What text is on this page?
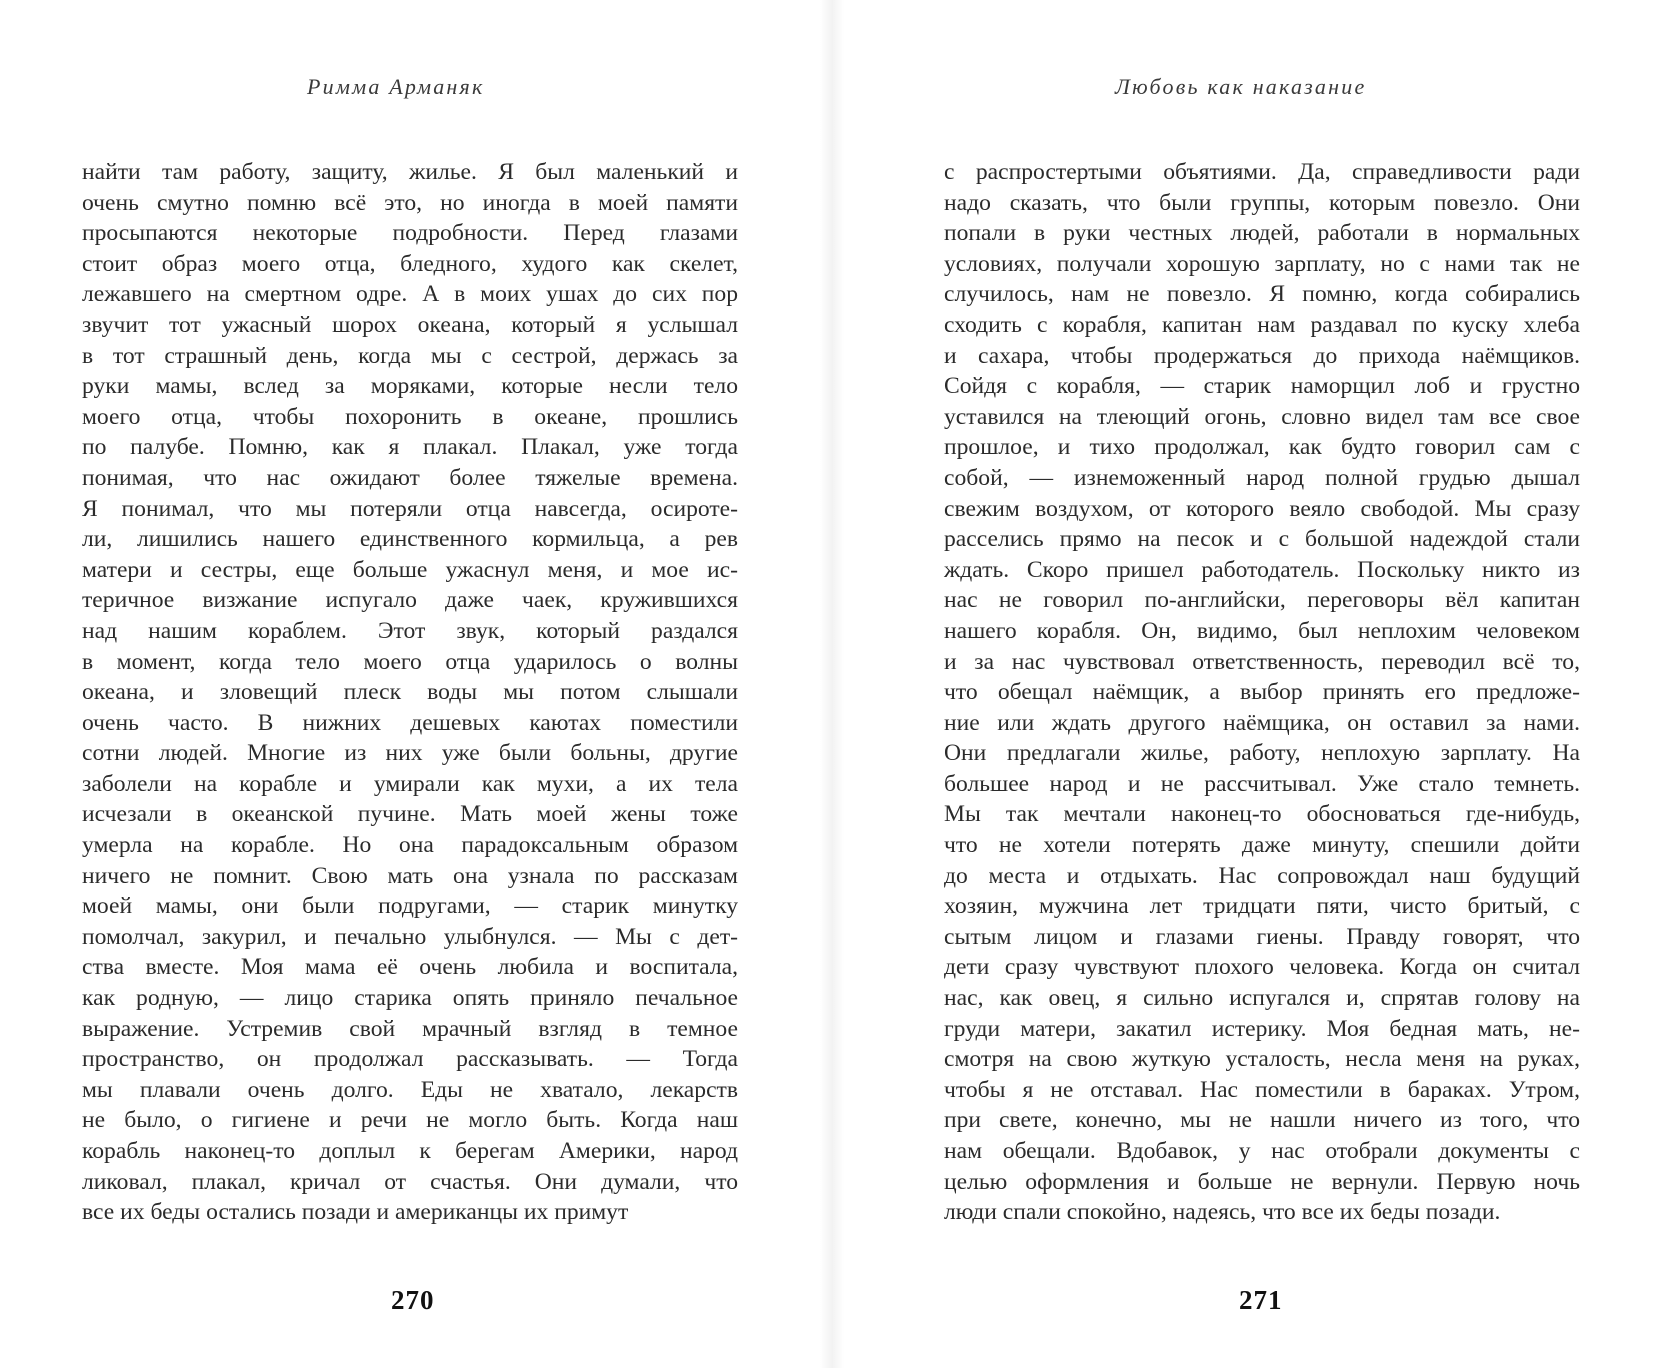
Римма Арманяк
найти там работу, защиту, жилье. Я был маленький и
очень смутно помню всё это, но иногда в моей памяти
просыпаются некоторые подробности. Перед глазами
стоит образ моего отца, бледного, худого как скелет,
лежавшего на смертном одре. А в моих ушах до сих пор
звучит тот ужасный шорох океана, который я услышал
в тот страшный день, когда мы с сестрой, держась за
руки мамы, вслед за моряками, которые несли тело
моего отца, чтобы похоронить в океане, прошлись
по палубе. Помню, как я плакал. Плакал, уже тогда
понимая, что нас ожидают более тяжелые времена.
Я понимал, что мы потеряли отца навсегда, осироте-
ли, лишились нашего единственного кормильца, а рев
матери и сестры, еще больше ужаснул меня, и мое ис-
теричное визжание испугало даже чаек, кружившихся
над нашим кораблем. Этот звук, который раздался
в момент, когда тело моего отца ударилось о волны
океана, и зловещий плеск воды мы потом слышали
очень часто. В нижних дешевых каютах поместили
сотни людей. Многие из них уже были больны, другие
заболели на корабле и умирали как мухи, а их тела
исчезали в океанской пучине. Мать моей жены тоже
умерла на корабле. Но она парадоксальным образом
ничего не помнит. Свою мать она узнала по рассказам
моей мамы, они были подругами, — старик минутку
помолчал, закурил, и печально улыбнулся. — Мы с дет-
ства вместе. Моя мама её очень любила и воспитала,
как родную, — лицо старика опять приняло печальное
выражение. Устремив свой мрачный взгляд в темное
пространство, он продолжал рассказывать. — Тогда
мы плавали очень долго. Еды не хватало, лекарств
не было, о гигиене и речи не могло быть. Когда наш
корабль наконец-то доплыл к берегам Америки, народ
ликовал, плакал, кричал от счастья. Они думали, что
все их беды остались позади и американцы их примут
270
Любовь как наказание
с распростертыми объятиями. Да, справедливости ради
надо сказать, что были группы, которым повезло. Они
попали в руки честных людей, работали в нормальных
условиях, получали хорошую зарплату, но с нами так не
случилось, нам не повезло. Я помню, когда собирались
сходить с корабля, капитан нам раздавал по куску хлеба
и сахара, чтобы продержаться до прихода наёмщиков.
Сойдя с корабля, — старик наморщил лоб и грустно
уставился на тлеющий огонь, словно видел там все свое
прошлое, и тихо продолжал, как будто говорил сам с
собой, — изнеможенный народ полной грудью дышал
свежим воздухом, от которого веяло свободой. Мы сразу
расселись прямо на песок и с большой надеждой стали
ждать. Скоро пришел работодатель. Поскольку никто из
нас не говорил по-английски, переговоры вёл капитан
нашего корабля. Он, видимо, был неплохим человеком
и за нас чувствовал ответственность, переводил всё то,
что обещал наёмщик, а выбор принять его предложе-
ние или ждать другого наёмщика, он оставил за нами.
Они предлагали жилье, работу, неплохую зарплату. На
большее народ и не рассчитывал. Уже стало темнеть.
Мы так мечтали наконец-то обосноваться где-нибудь,
что не хотели потерять даже минуту, спешили дойти
до места и отдыхать. Нас сопровождал наш будущий
хозяин, мужчина лет тридцати пяти, чисто бритый, с
сытым лицом и глазами гиены. Правду говорят, что
дети сразу чувствуют плохого человека. Когда он считал
нас, как овец, я сильно испугался и, спрятав голову на
груди матери, закатил истерику. Моя бедная мать, не-
смотря на свою жуткую усталость, несла меня на руках,
чтобы я не отставал. Нас поместили в бараках. Утром,
при свете, конечно, мы не нашли ничего из того, что
нам обещали. Вдобавок, у нас отобрали документы с
целью оформления и больше не вернули. Первую ночь
люди спали спокойно, надеясь, что все их беды позади.
271
